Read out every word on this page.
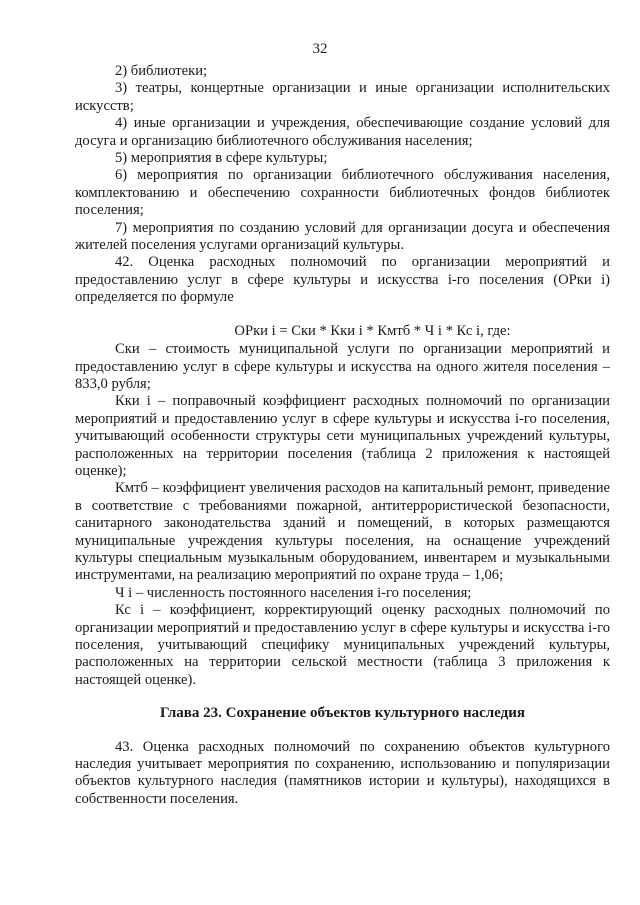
32

2) библиотеки;

3) театры, концертные организации и иные организации исполнительских искусств;

4) иные организации и учреждения, обеспечивающие создание условий для досуга и организацию библиотечного обслуживания населения;

5) мероприятия в сфере культуры;

6) мероприятия по организации библиотечного обслуживания населения, комплектованию и обеспечению сохранности библиотечных фондов библиотек поселения;

7) мероприятия по созданию условий для организации досуга и обеспечения жителей поселения услугами организаций культуры.

42. Оценка расходных полномочий по организации мероприятий и предоставлению услуг в сфере культуры и искусства i-го поселения (ОРки i) определяется по формуле

ОРки i = Ски * Кки i * Кмтб * Ч i * Кс i, где:

Ски – стоимость муниципальной услуги по организации мероприятий и предоставлению услуг в сфере культуры и искусства на одного жителя поселения – 833,0 рубля;

Кки i – поправочный коэффициент расходных полномочий по организации мероприятий и предоставлению услуг в сфере культуры и искусства i-го поселения, учитывающий особенности структуры сети муниципальных учреждений культуры, расположенных на территории поселения (таблица 2 приложения к настоящей оценке);

Кмтб – коэффициент увеличения расходов на капитальный ремонт, приведение в соответствие с требованиями пожарной, антитеррористической безопасности, санитарного законодательства зданий и помещений, в которых размещаются муниципальные учреждения культуры поселения, на оснащение учреждений культуры специальным музыкальным оборудованием, инвентарем и музыкальными инструментами, на реализацию мероприятий по охране труда – 1,06;

Ч i – численность постоянного населения i-го поселения;

Кс i – коэффициент, корректирующий оценку расходных полномочий по организации мероприятий и предоставлению услуг в сфере культуры и искусства i-го поселения, учитывающий специфику муниципальных учреждений культуры, расположенных на территории сельской местности (таблица 3 приложения к настоящей оценке).

Глава 23. Сохранение объектов культурного наследия

43. Оценка расходных полномочий по сохранению объектов культурного наследия учитывает мероприятия по сохранению, использованию и популяризации объектов культурного наследия (памятников истории и культуры), находящихся в собственности поселения.
